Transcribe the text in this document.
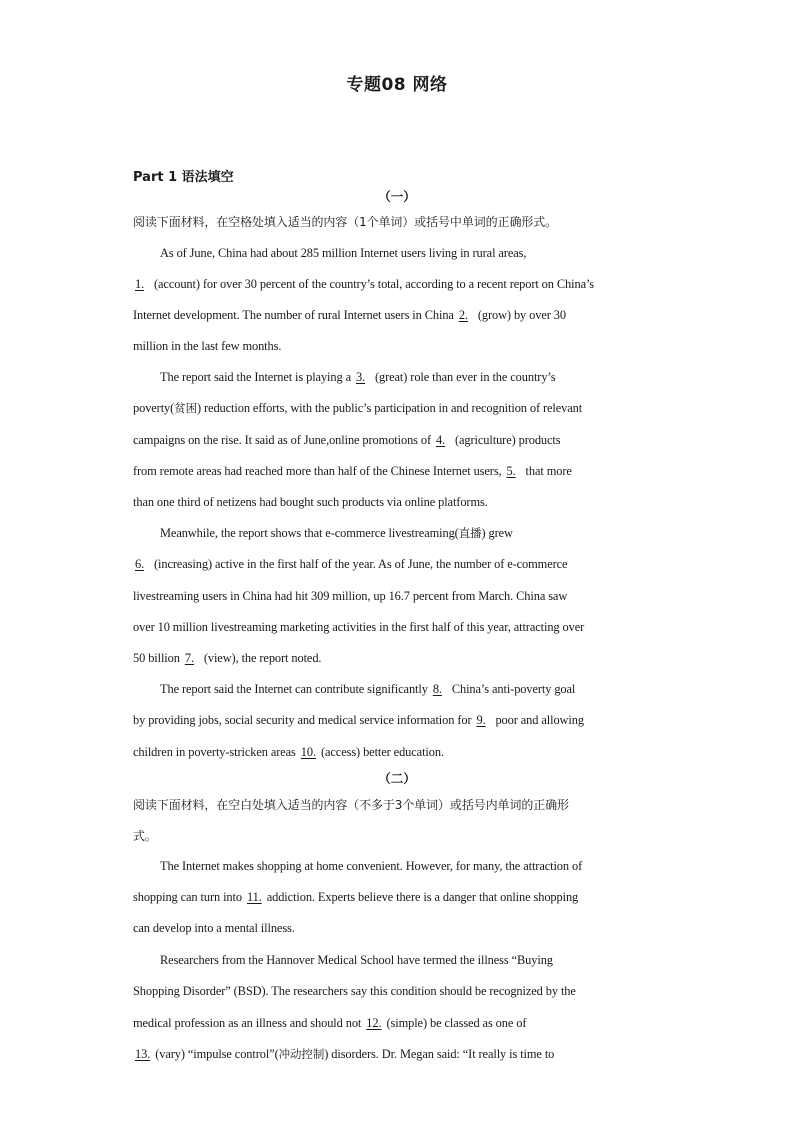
专题08 网络
Part 1 语法填空
（一）
阅读下面材料，在空格处填入适当的内容（1个单词）或括号中单词的正确形式。
As of June, China had about 285 million Internet users living in rural areas,
1. (account) for over 30 percent of the country’s total, according to a recent report on China’s
Internet development. The number of rural Internet users in China 2. (grow) by over 30
million in the last few months.
The report said the Internet is playing a 3. (great) role than ever in the country’s
poverty(贫困) reduction efforts, with the public’s participation in and recognition of relevant
campaigns on the rise. It said as of June,online promotions of 4. (agriculture) products
from remote areas had reached more than half of the Chinese Internet users, 5. that more
than one third of netizens had bought such products via online platforms.
Meanwhile, the report shows that e-commerce livestreaming(直播) grew
6. (increasing) active in the first half of the year. As of June, the number of e-commerce
livestreaming users in China had hit 309 million, up 16.7 percent from March. China saw
over 10 million livestreaming marketing activities in the first half of this year, attracting over
50 billion 7. (view), the report noted.
The report said the Internet can contribute significantly 8. China’s anti-poverty goal
by providing jobs, social security and medical service information for 9. poor and allowing
children in poverty-stricken areas 10. (access) better education.
（二）
阅读下面材料，在空白处填入适当的内容（不多于3个单词）或括号内单词的正确形
式。
The Internet makes shopping at home convenient. However, for many, the attraction of
shopping can turn into 11. addiction. Experts believe there is a danger that online shopping
can develop into a mental illness.
Researchers from the Hannover Medical School have termed the illness “Buying
Shopping Disorder” (BSD). The researchers say this condition should be recognized by the
medical profession as an illness and should not 12. (simple) be classed as one of
13. (vary) “impulse control”(冲动控制) disorders. Dr. Megan said: “It really is time to
